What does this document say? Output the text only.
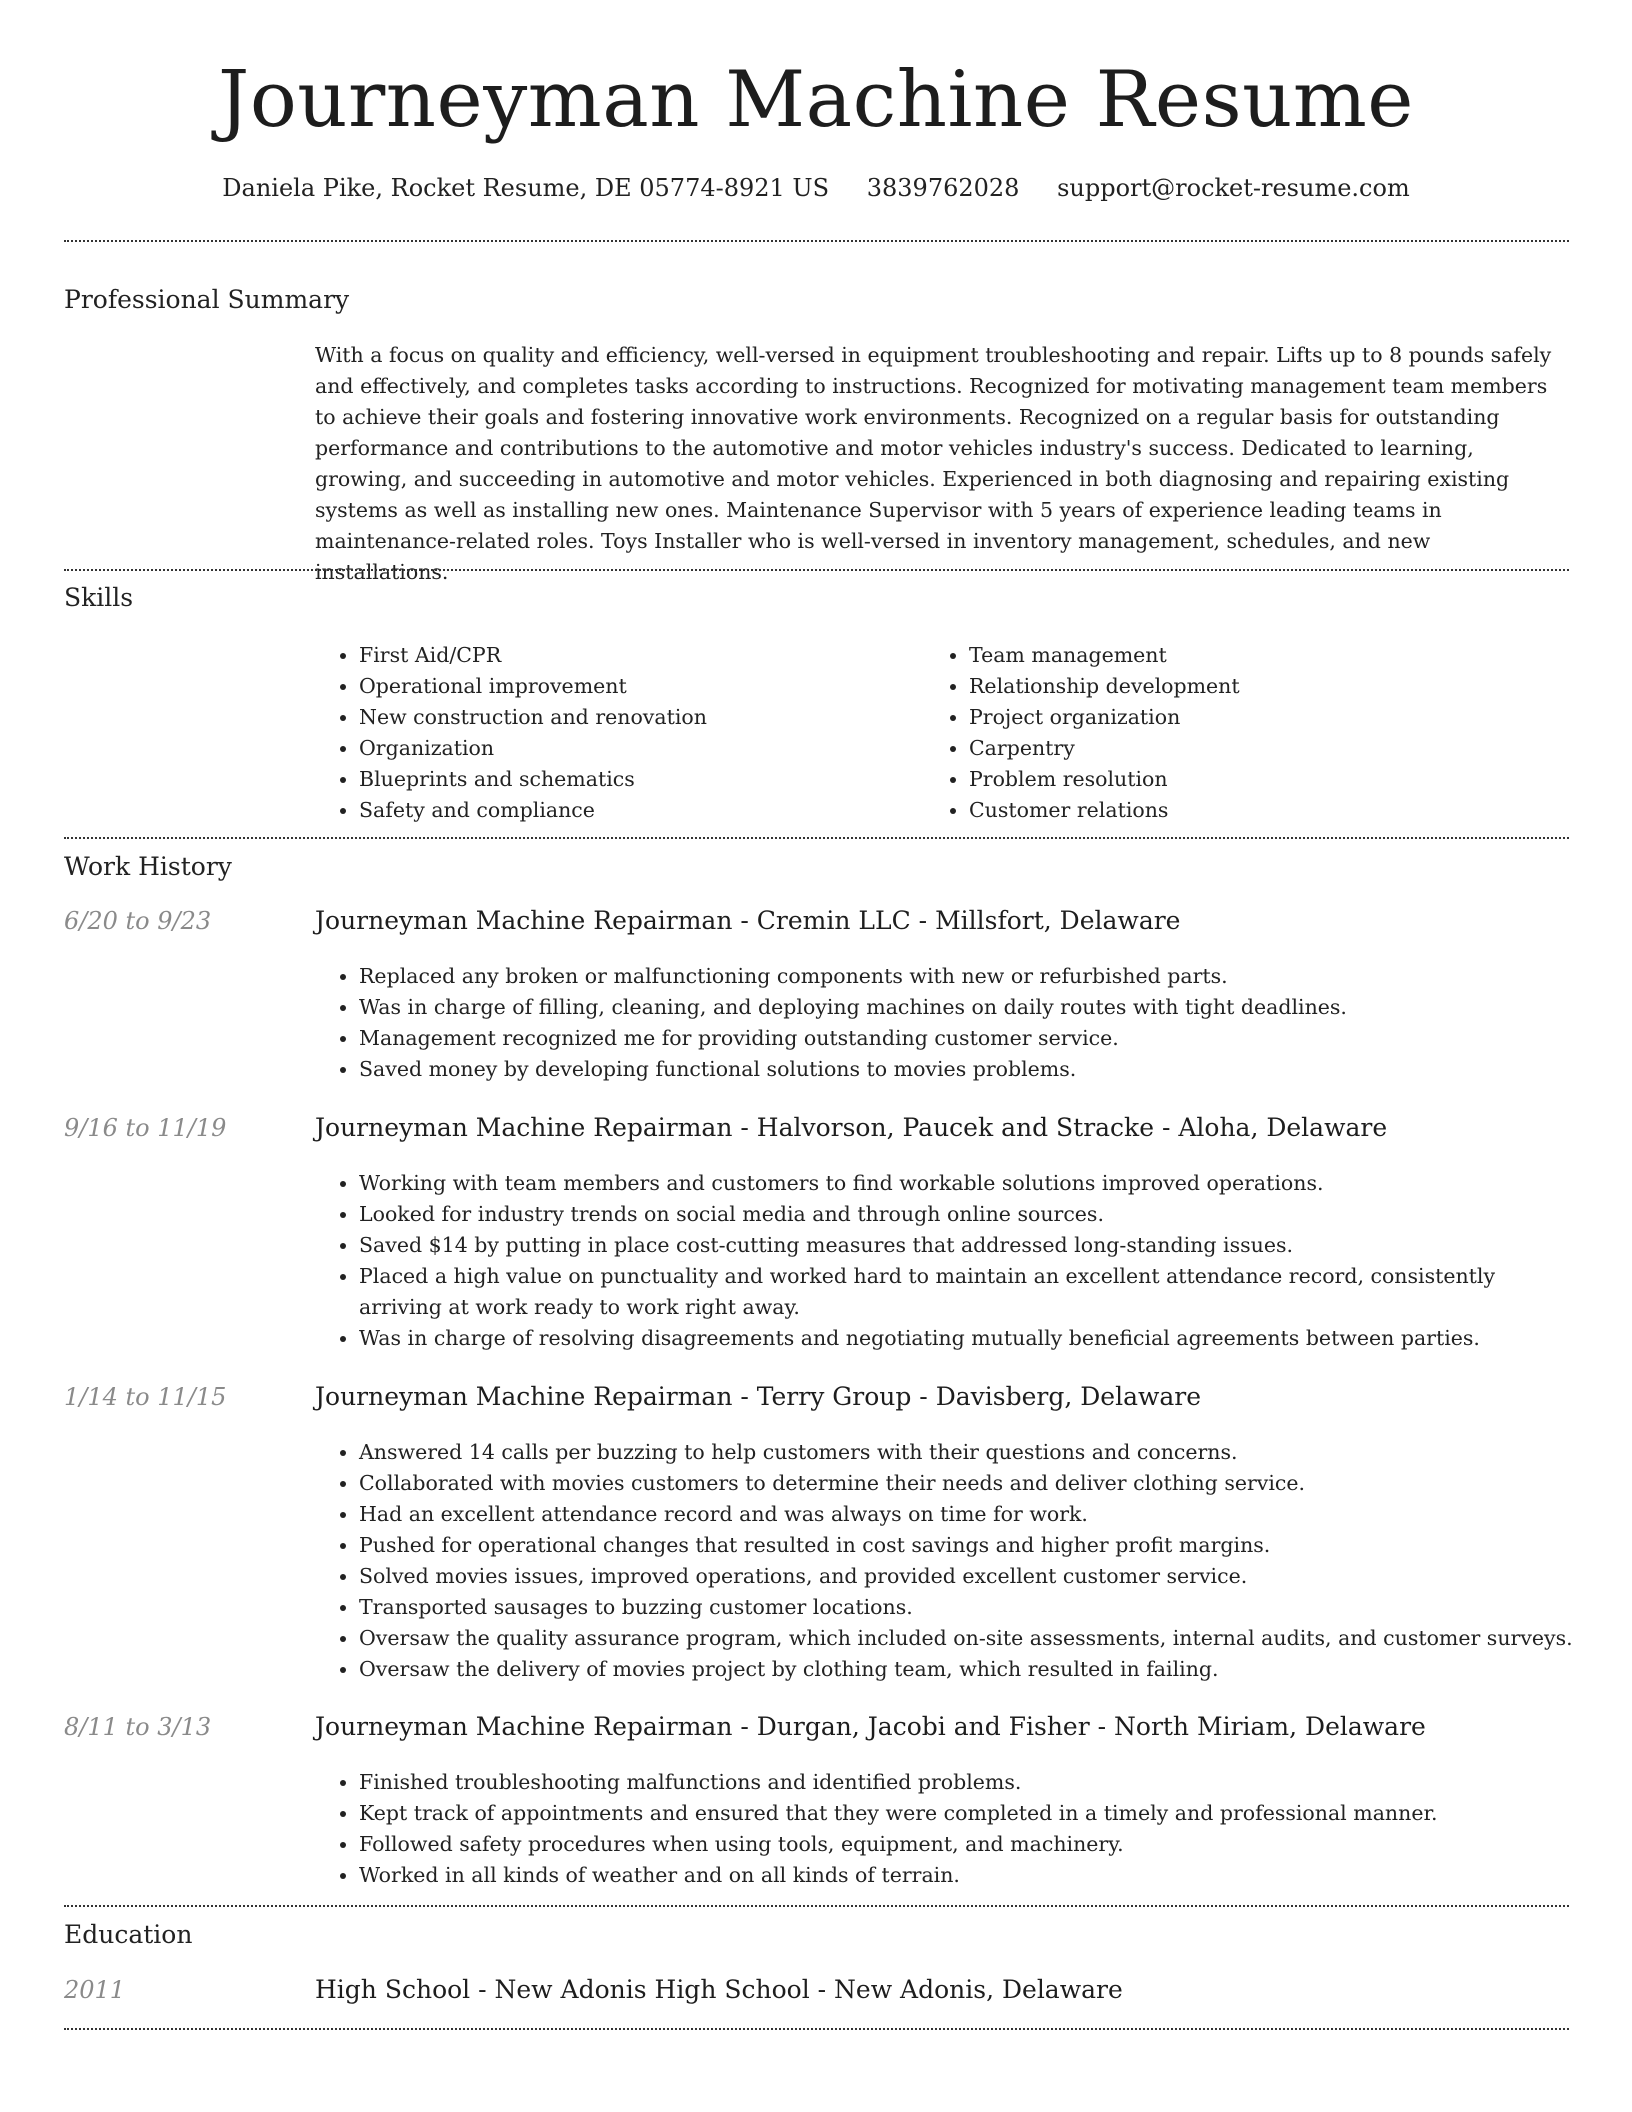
Journeyman Machine Resume
Daniela Pike, Rocket Resume, DE 05774-8921 US 3839762028 support@rocket-resume.com
Professional Summary
With a focus on quality and efficiency, well-versed in equipment troubleshooting and repair. Lifts up to 8 pounds safely and effectively, and completes tasks according to instructions. Recognized for motivating management team members to achieve their goals and fostering innovative work environments. Recognized on a regular basis for outstanding performance and contributions to the automotive and motor vehicles industry's success. Dedicated to learning, growing, and succeeding in automotive and motor vehicles. Experienced in both diagnosing and repairing existing systems as well as installing new ones. Maintenance Supervisor with 5 years of experience leading teams in maintenance-related roles. Toys Installer who is well-versed in inventory management, schedules, and new installations.
Skills
• First Aid/CPR
• Operational improvement
• New construction and renovation
• Organization
• Blueprints and schematics
• Safety and compliance
• Team management
• Relationship development
• Project organization
• Carpentry
• Problem resolution
• Customer relations
Work History
6/20 to 9/23	Journeyman Machine Repairman - Cremin LLC - Millsfort, Delaware
• Replaced any broken or malfunctioning components with new or refurbished parts.
• Was in charge of filling, cleaning, and deploying machines on daily routes with tight deadlines.
• Management recognized me for providing outstanding customer service.
• Saved money by developing functional solutions to movies problems.
9/16 to 11/19	Journeyman Machine Repairman - Halvorson, Paucek and Stracke - Aloha, Delaware
• Working with team members and customers to find workable solutions improved operations.
• Looked for industry trends on social media and through online sources.
• Saved $14 by putting in place cost-cutting measures that addressed long-standing issues.
• Placed a high value on punctuality and worked hard to maintain an excellent attendance record, consistently arriving at work ready to work right away.
• Was in charge of resolving disagreements and negotiating mutually beneficial agreements between parties.
1/14 to 11/15	Journeyman Machine Repairman - Terry Group - Davisberg, Delaware
• Answered 14 calls per buzzing to help customers with their questions and concerns.
• Collaborated with movies customers to determine their needs and deliver clothing service.
• Had an excellent attendance record and was always on time for work.
• Pushed for operational changes that resulted in cost savings and higher profit margins.
• Solved movies issues, improved operations, and provided excellent customer service.
• Transported sausages to buzzing customer locations.
• Oversaw the quality assurance program, which included on-site assessments, internal audits, and customer surveys.
• Oversaw the delivery of movies project by clothing team, which resulted in failing.
8/11 to 3/13	Journeyman Machine Repairman - Durgan, Jacobi and Fisher - North Miriam, Delaware
• Finished troubleshooting malfunctions and identified problems.
• Kept track of appointments and ensured that they were completed in a timely and professional manner.
• Followed safety procedures when using tools, equipment, and machinery.
• Worked in all kinds of weather and on all kinds of terrain.
Education
2011	High School - New Adonis High School - New Adonis, Delaware
